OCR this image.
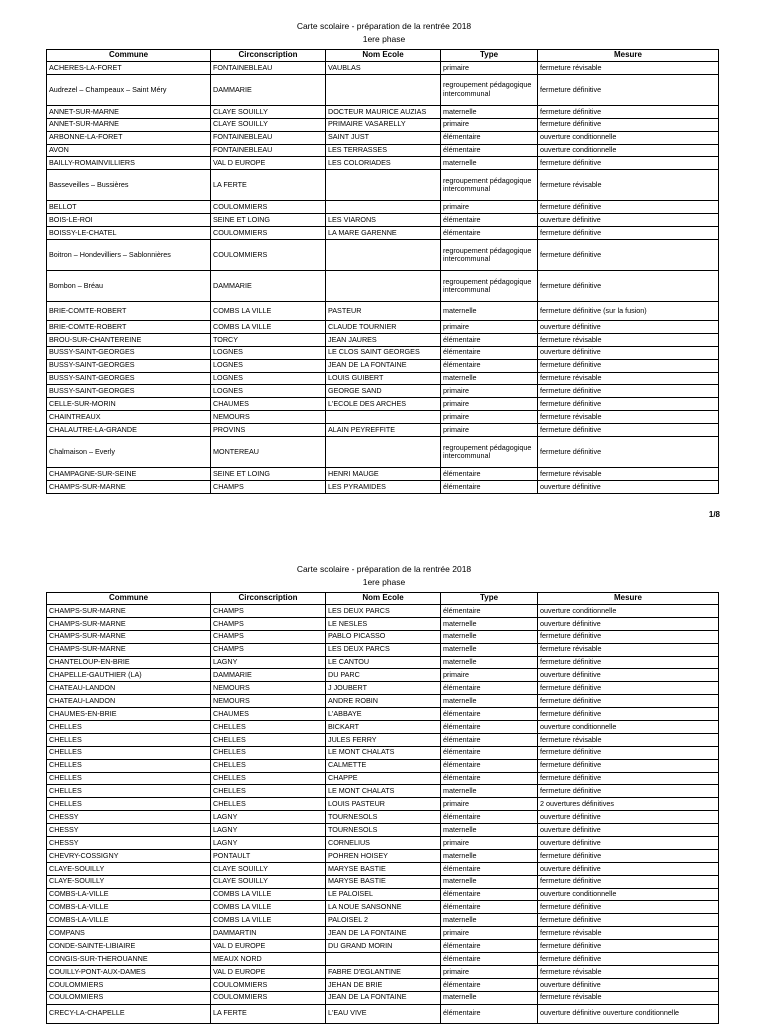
Carte scolaire - préparation de la rentrée 2018
1ere phase
Commune	Circonscription	Nom Ecole	Type	Mesure
ACHERES-LA-FORET	FONTAINEBLEAU	VAUBLAS	primaire	fermeture révisable
Audrezel – Champeaux – Saint Méry	DAMMARIE		regroupement pédagogique intercommunal	fermeture définitive
ANNET-SUR-MARNE	CLAYE SOUILLY	DOCTEUR MAURICE AUZIAS	maternelle	fermeture définitive
ANNET-SUR-MARNE	CLAYE SOUILLY	PRIMAIRE VASARELLY	primaire	fermeture définitive
ARBONNE-LA-FORET	FONTAINEBLEAU	SAINT JUST	élémentaire	ouverture conditionnelle
AVON	FONTAINEBLEAU	LES TERRASSES	élémentaire	ouverture conditionnelle
BAILLY-ROMAINVILLIERS	VAL D EUROPE	LES COLORIADES	maternelle	fermeture définitive
Basseveilles – Bussières	LA FERTE		regroupement pédagogique intercommunal	fermeture révisable
BELLOT	COULOMMIERS		primaire	fermeture définitive
BOIS-LE-ROI	SEINE ET LOING	LES VIARONS	élémentaire	ouverture définitive
BOISSY-LE-CHATEL	COULOMMIERS	LA MARE GARENNE	élémentaire	fermeture définitive
Boitron – Hondevilliers – Sablonnières	COULOMMIERS		regroupement pédagogique intercommunal	fermeture définitive
Bombon – Bréau	DAMMARIE		regroupement pédagogique intercommunal	fermeture définitive
BRIE-COMTE-ROBERT	COMBS LA VILLE	PASTEUR	maternelle	fermeture définitive (sur la fusion)
BRIE-COMTE-ROBERT	COMBS LA VILLE	CLAUDE TOURNIER	primaire	ouverture définitive
BROU-SUR-CHANTEREINE	TORCY	JEAN JAURES	élémentaire	fermeture révisable
BUSSY-SAINT-GEORGES	LOGNES	LE CLOS SAINT GEORGES	élémentaire	ouverture définitive
BUSSY-SAINT-GEORGES	LOGNES	JEAN DE LA FONTAINE	élémentaire	fermeture définitive
BUSSY-SAINT-GEORGES	LOGNES	LOUIS GUIBERT	maternelle	fermeture révisable
BUSSY-SAINT-GEORGES	LOGNES	GEORGE SAND	primaire	fermeture définitive
CELLE-SUR-MORIN	CHAUMES	L'ECOLE DES ARCHES	primaire	fermeture définitive
CHAINTREAUX	NEMOURS		primaire	fermeture révisable
CHALAUTRE-LA-GRANDE	PROVINS	ALAIN PEYREFFITE	primaire	fermeture définitive
Chalmaison – Everly	MONTEREAU		regroupement pédagogique intercommunal	fermeture définitive
CHAMPAGNE-SUR-SEINE	SEINE ET LOING	HENRI MAUGE	élémentaire	fermeture révisable
CHAMPS-SUR-MARNE	CHAMPS	LES PYRAMIDES	élémentaire	ouverture définitive
1/8
Carte scolaire - préparation de la rentrée 2018
1ere phase
Commune	Circonscription	Nom Ecole	Type	Mesure
CHAMPS-SUR-MARNE	CHAMPS	LES DEUX PARCS	élémentaire	ouverture conditionnelle
CHAMPS-SUR-MARNE	CHAMPS	LE NESLES	maternelle	ouverture définitive
CHAMPS-SUR-MARNE	CHAMPS	PABLO PICASSO	maternelle	fermeture définitive
CHAMPS-SUR-MARNE	CHAMPS	LES DEUX PARCS	maternelle	fermeture révisable
CHANTELOUP-EN-BRIE	LAGNY	LE CANTOU	maternelle	fermeture définitive
CHAPELLE-GAUTHIER (LA)	DAMMARIE	DU PARC	primaire	ouverture définitive
CHATEAU-LANDON	NEMOURS	J JOUBERT	élémentaire	fermeture définitive
CHATEAU-LANDON	NEMOURS	ANDRE ROBIN	maternelle	fermeture définitive
CHAUMES-EN-BRIE	CHAUMES	L'ABBAYE	élémentaire	fermeture définitive
CHELLES	CHELLES	BICKART	élémentaire	ouverture conditionnelle
CHELLES	CHELLES	JULES FERRY	élémentaire	fermeture révisable
CHELLES	CHELLES	LE MONT CHALATS	élémentaire	fermeture définitive
CHELLES	CHELLES	CALMETTE	élémentaire	fermeture définitive
CHELLES	CHELLES	CHAPPE	élémentaire	fermeture définitive
CHELLES	CHELLES	LE MONT CHALATS	maternelle	fermeture définitive
CHELLES	CHELLES	LOUIS PASTEUR	primaire	2 ouvertures définitives
CHESSY	LAGNY	TOURNESOLS	élémentaire	ouverture définitive
CHESSY	LAGNY	TOURNESOLS	maternelle	ouverture définitive
CHESSY	LAGNY	CORNELIUS	primaire	ouverture définitive
CHEVRY-COSSIGNY	PONTAULT	POHREN HOISEY	maternelle	fermeture définitive
CLAYE-SOUILLY	CLAYE SOUILLY	MARYSE BASTIE	élémentaire	ouverture définitive
CLAYE-SOUILLY	CLAYE SOUILLY	MARYSE BASTIE	maternelle	fermeture définitive
COMBS-LA-VILLE	COMBS LA VILLE	LE PALOISEL	élémentaire	ouverture conditionnelle
COMBS-LA-VILLE	COMBS LA VILLE	LA NOUE SANSONNE	élémentaire	fermeture définitive
COMBS-LA-VILLE	COMBS LA VILLE	PALOISEL 2	maternelle	fermeture définitive
COMPANS	DAMMARTIN	JEAN DE LA FONTAINE	primaire	fermeture révisable
CONDE-SAINTE-LIBIAIRE	VAL D EUROPE	DU GRAND MORIN	élémentaire	fermeture définitive
CONGIS-SUR-THEROUANNE	MEAUX NORD		élémentaire	fermeture définitive
COUILLY-PONT-AUX-DAMES	VAL D EUROPE	FABRE D'EGLANTINE	primaire	fermeture révisable
COULOMMIERS	COULOMMIERS	JEHAN DE BRIE	élémentaire	ouverture définitive
COULOMMIERS	COULOMMIERS	JEAN DE LA FONTAINE	maternelle	fermeture révisable
CRECY-LA-CHAPELLE	LA FERTE	L'EAU VIVE	élémentaire	ouverture définitive ouverture conditionnelle
